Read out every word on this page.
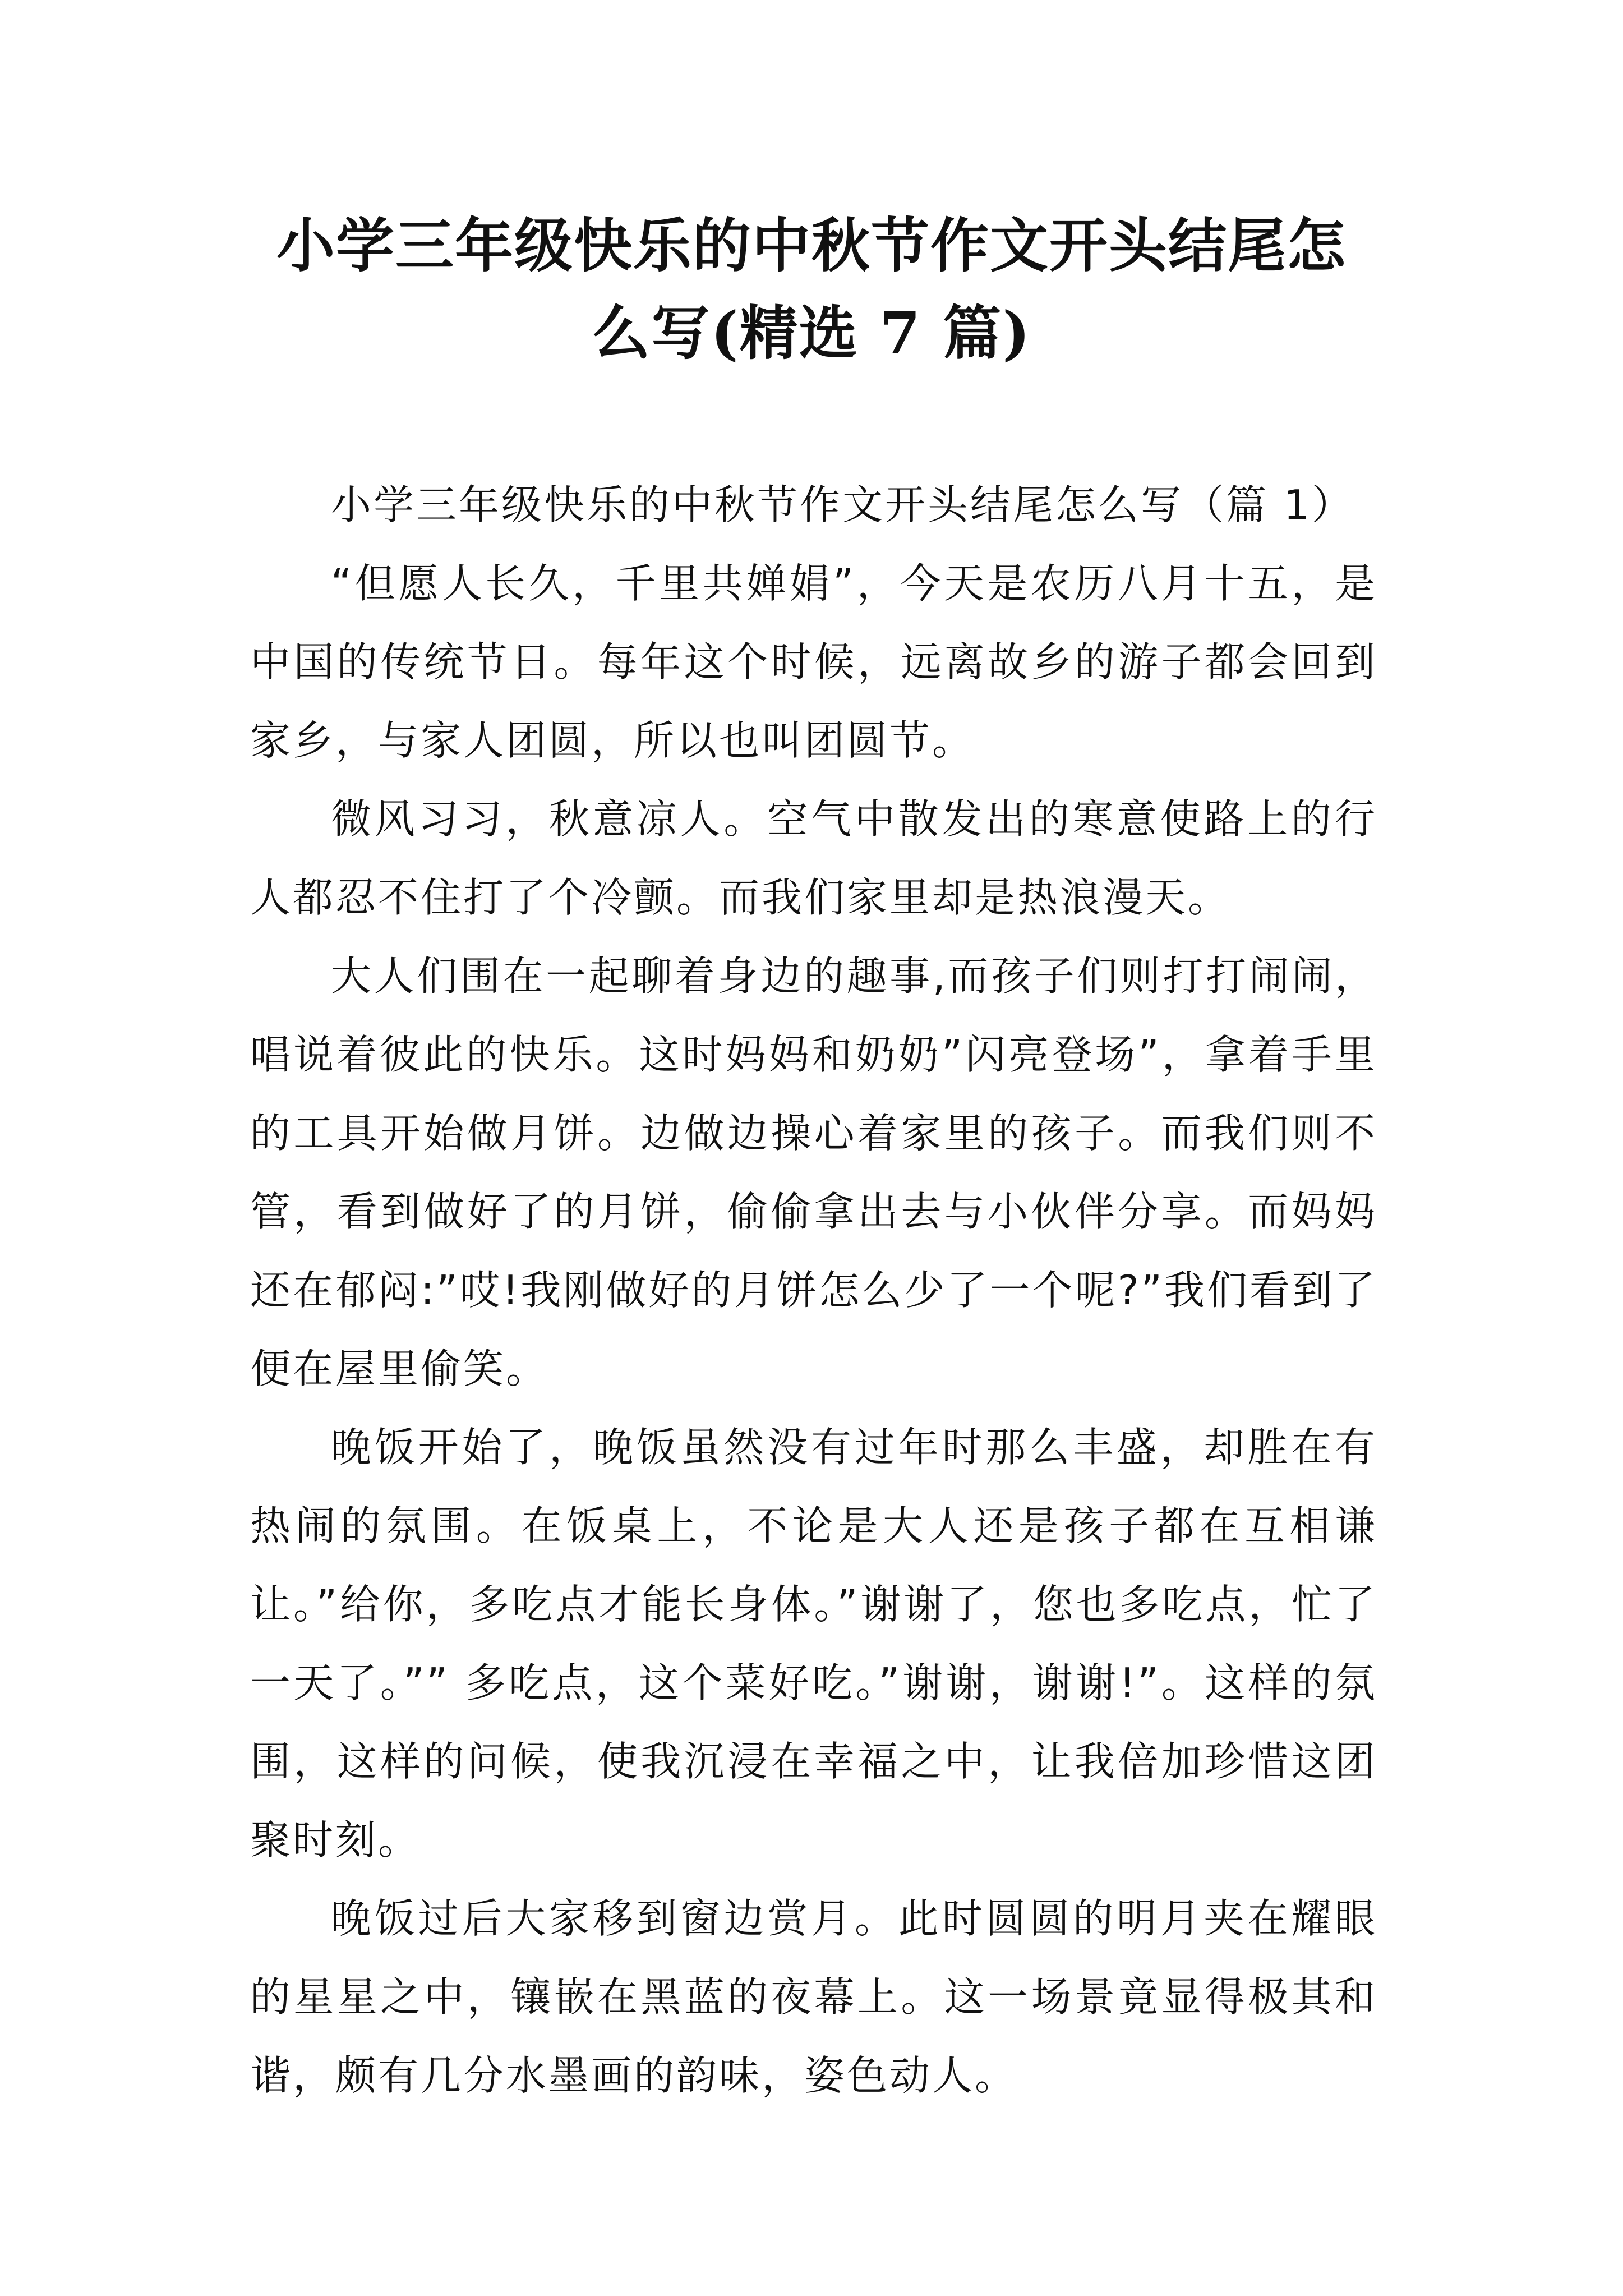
小学三年级快乐的中秋节作文开头结尾怎
么写(精选 7 篇)

小学三年级快乐的中秋节作文开头结尾怎么写（篇 1）

“但愿人长久，千里共婵娟”，今天是农历八月十五，是中国的传统节日。每年这个时候，远离故乡的游子都会回到家乡，与家人团圆，所以也叫团圆节。

微风习习，秋意凉人。空气中散发出的寒意使路上的行人都忍不住打了个冷颤。而我们家里却是热浪漫天。

大人们围在一起聊着身边的趣事,而孩子们则打打闹闹，唱说着彼此的快乐。这时妈妈和奶奶”闪亮登场”，拿着手里的工具开始做月饼。边做边操心着家里的孩子。而我们则不管，看到做好了的月饼，偷偷拿出去与小伙伴分享。而妈妈还在郁闷:”哎!我刚做好的月饼怎么少了一个呢?”我们看到了便在屋里偷笑。

晚饭开始了，晚饭虽然没有过年时那么丰盛，却胜在有热闹的氛围。在饭桌上，不论是大人还是孩子都在互相谦让。”给你，多吃点才能长身体。”谢谢了，您也多吃点，忙了一天了。”” 多吃点，这个菜好吃。”谢谢，谢谢!”。这样的氛围，这样的问候，使我沉浸在幸福之中，让我倍加珍惜这团聚时刻。

晚饭过后大家移到窗边赏月。此时圆圆的明月夹在耀眼的星星之中，镶嵌在黑蓝的夜幕上。这一场景竟显得极其和谐，颇有几分水墨画的韵味，姿色动人。
